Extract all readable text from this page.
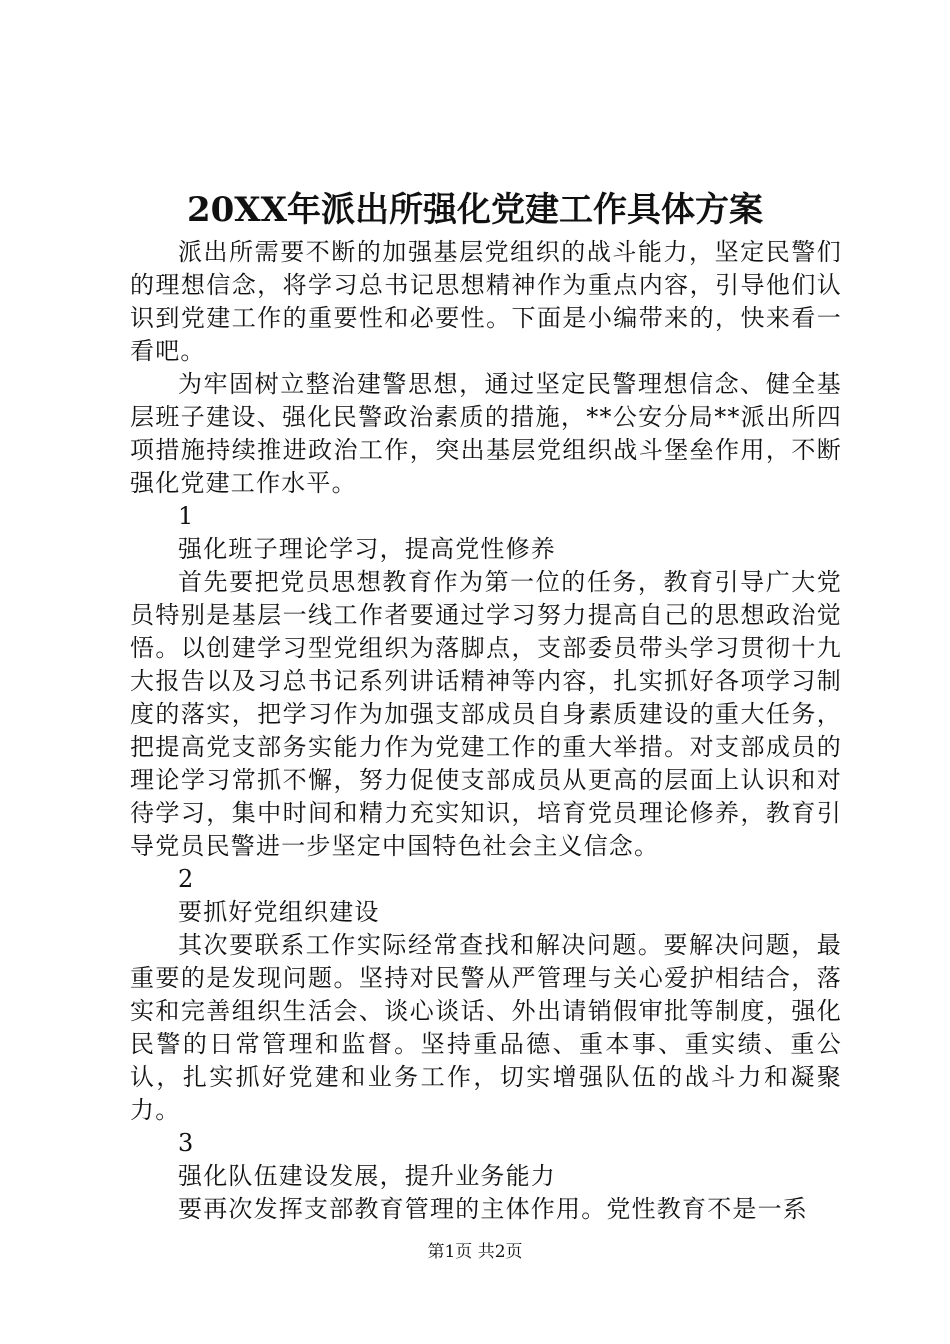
20XX年派出所强化党建工作具体方案

派出所需要不断的加强基层党组织的战斗能力，坚定民警们的理想信念，将学习总书记思想精神作为重点内容，引导他们认识到党建工作的重要性和必要性。下面是小编带来的，快来看一看吧。

为牢固树立整治建警思想，通过坚定民警理想信念、健全基层班子建设、强化民警政治素质的措施，**公安分局**派出所四项措施持续推进政治工作，突出基层党组织战斗堡垒作用，不断强化党建工作水平。

1

强化班子理论学习，提高党性修养

首先要把党员思想教育作为第一位的任务，教育引导广大党员特别是基层一线工作者要通过学习努力提高自己的思想政治觉悟。以创建学习型党组织为落脚点，支部委员带头学习贯彻十九大报告以及习总书记系列讲话精神等内容，扎实抓好各项学习制度的落实，把学习作为加强支部成员自身素质建设的重大任务，把提高党支部务实能力作为党建工作的重大举措。对支部成员的理论学习常抓不懈，努力促使支部成员从更高的层面上认识和对待学习，集中时间和精力充实知识，培育党员理论修养，教育引导党员民警进一步坚定中国特色社会主义信念。

2

要抓好党组织建设

其次要联系工作实际经常查找和解决问题。要解决问题，最重要的是发现问题。坚持对民警从严管理与关心爱护相结合，落实和完善组织生活会、谈心谈话、外出请销假审批等制度，强化民警的日常管理和监督。坚持重品德、重本事、重实绩、重公认，扎实抓好党建和业务工作，切实增强队伍的战斗力和凝聚力。

3

强化队伍建设发展，提升业务能力

要再次发挥支部教育管理的主体作用。党性教育不是一系

第1页 共2页
